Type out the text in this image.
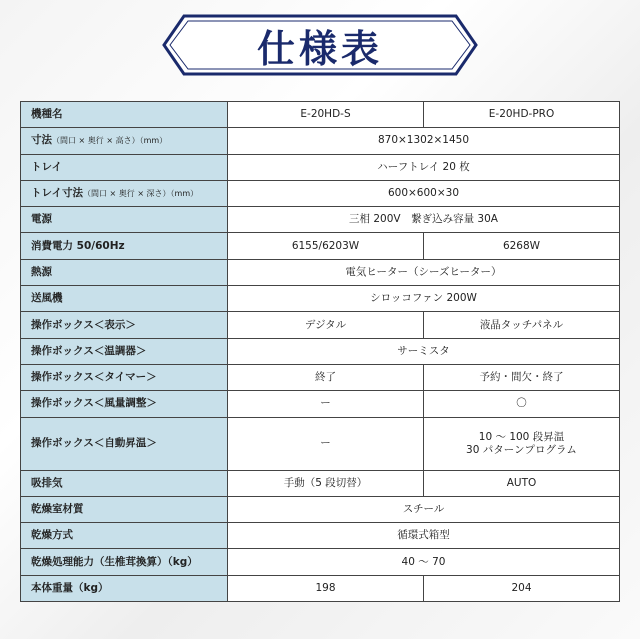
仕様表
機種名	E-20HD-S	E-20HD-PRO
寸法（間口 × 奥行 × 高さ）（mm）	870×1302×1450	
トレイ	ハーフトレイ 20 枚	
トレイ寸法（間口 × 奥行 × 深さ）（mm）	600×600×30	
電源	三相 200V　繋ぎ込み容量 30A	
消費電力 50/60Hz	6155/6203W	6268W
熱源	電気ヒーター（シーズヒーター）	
送風機	シロッコファン 200W	
操作ボックス＜表示＞	デジタル	液晶タッチパネル
操作ボックス＜温調器＞	サーミスタ	
操作ボックス＜タイマー＞	終了	予約・間欠・終了
操作ボックス＜風量調整＞	ー	〇
操作ボックス＜自動昇温＞	ー	10 ～ 100 段昇温
30 パターンプログラム
吸排気	手動（5 段切替）	AUTO
乾燥室材質	スチール	
乾燥方式	循環式箱型	
乾燥処理能力（生椎茸換算）（kg）	40 ～ 70	
本体重量（kg）	198	204
